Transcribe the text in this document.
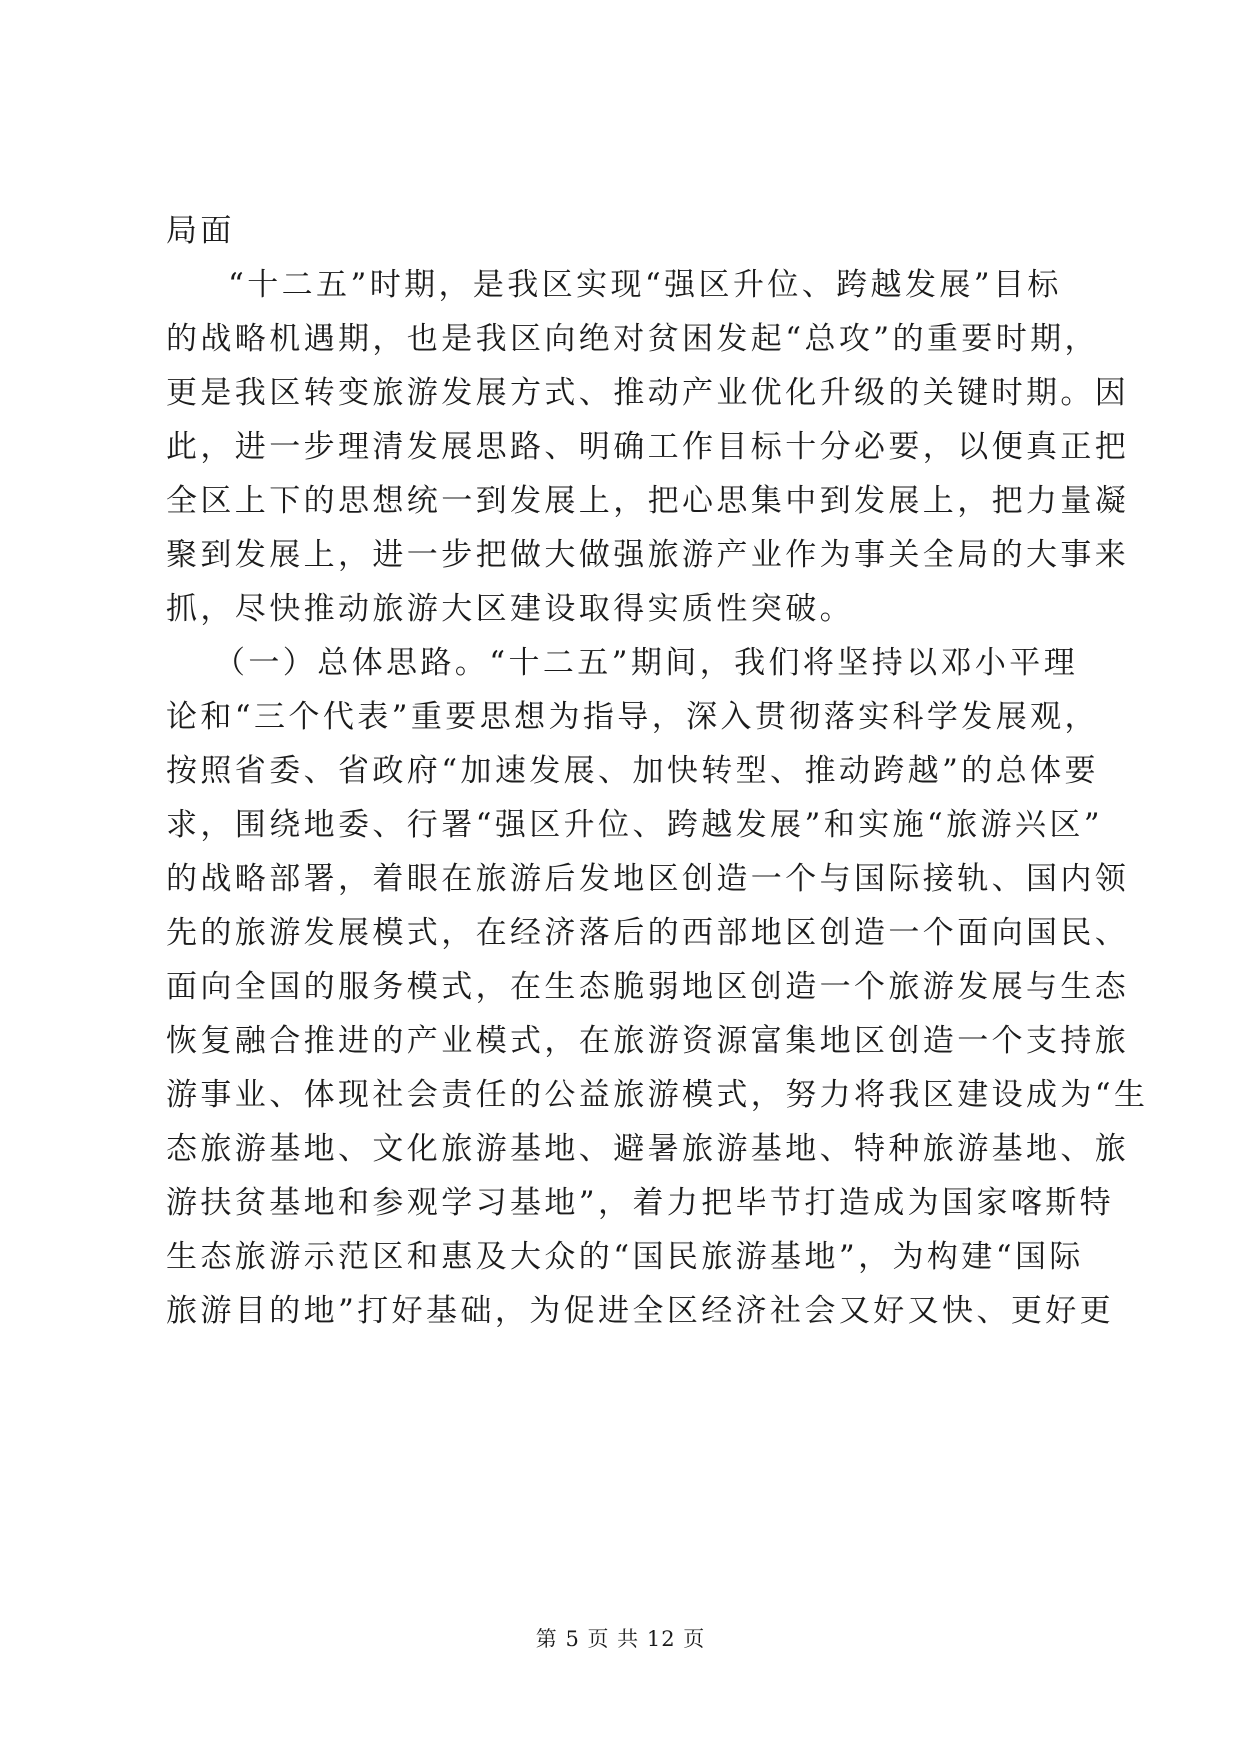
局面
“十二五”时期，是我区实现“强区升位、跨越发展”目标
的战略机遇期，也是我区向绝对贫困发起“总攻”的重要时期，
更是我区转变旅游发展方式、推动产业优化升级的关键时期。因
此，进一步理清发展思路、明确工作目标十分必要，以便真正把
全区上下的思想统一到发展上，把心思集中到发展上，把力量凝
聚到发展上，进一步把做大做强旅游产业作为事关全局的大事来
抓，尽快推动旅游大区建设取得实质性突破。
（一）总体思路。“十二五”期间，我们将坚持以邓小平理
论和“三个代表”重要思想为指导，深入贯彻落实科学发展观，
按照省委、省政府“加速发展、加快转型、推动跨越”的总体要
求，围绕地委、行署“强区升位、跨越发展”和实施“旅游兴区”
的战略部署，着眼在旅游后发地区创造一个与国际接轨、国内领
先的旅游发展模式，在经济落后的西部地区创造一个面向国民、
面向全国的服务模式，在生态脆弱地区创造一个旅游发展与生态
恢复融合推进的产业模式，在旅游资源富集地区创造一个支持旅
游事业、体现社会责任的公益旅游模式，努力将我区建设成为“生
态旅游基地、文化旅游基地、避暑旅游基地、特种旅游基地、旅
游扶贫基地和参观学习基地”，着力把毕节打造成为国家喀斯特
生态旅游示范区和惠及大众的“国民旅游基地”，为构建“国际
旅游目的地”打好基础，为促进全区经济社会又好又快、更好更
第 5 页 共 12 页
